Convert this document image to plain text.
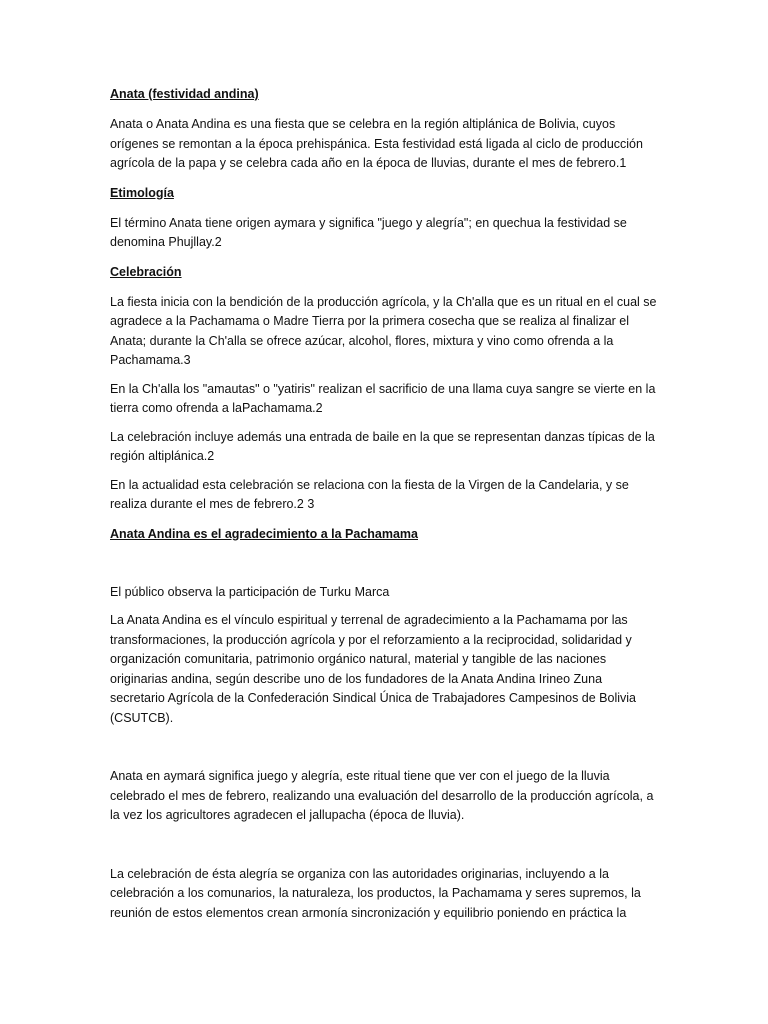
Anata (festividad andina)

Anata o Anata Andina es una fiesta que se celebra en la región altiplánica de Bolivia, cuyos orígenes se remontan a la época prehispánica. Esta festividad está ligada al ciclo de producción agrícola de la papa y se celebra cada año en la época de lluvias, durante el mes de febrero.1

Etimología

El término Anata tiene origen aymara y significa "juego y alegría"; en quechua la festividad se denomina Phujllay.2

Celebración

La fiesta inicia con la bendición de la producción agrícola, y la Ch'alla que es un ritual en el cual se agradece a la Pachamama o Madre Tierra por la primera cosecha que se realiza al finalizar el Anata; durante la Ch'alla se ofrece azúcar, alcohol, flores, mixtura y vino como ofrenda a la Pachamama.3

En la Ch'alla los "amautas" o "yatiris" realizan el sacrificio de una llama cuya sangre se vierte en la tierra como ofrenda a laPachamama.2

La celebración incluye además una entrada de baile en la que se representan danzas típicas de la región altiplánica.2

En la actualidad esta celebración se relaciona con la fiesta de la Virgen de la Candelaria, y se realiza durante el mes de febrero.2 3

Anata Andina es el agradecimiento a la Pachamama

El público observa la participación de Turku Marca

La Anata Andina es el vínculo espiritual y terrenal de agradecimiento a la Pachamama por las transformaciones, la producción agrícola y por el reforzamiento a la reciprocidad, solidaridad y organización comunitaria, patrimonio orgánico natural, material y tangible de las naciones originarias andina, según describe uno de los fundadores de la Anata Andina Irineo Zuna secretario Agrícola de la Confederación Sindical Única de Trabajadores Campesinos de Bolivia (CSUTCB).

Anata en aymará significa juego y alegría, este ritual tiene que ver con el juego de la lluvia celebrado el mes de febrero, realizando una evaluación del desarrollo de la producción agrícola, a la vez los agricultores agradecen el jallupacha (época de lluvia).

La celebración de ésta alegría se organiza con las autoridades originarias, incluyendo a la celebración a los comunarios, la naturaleza, los productos, la Pachamama y seres supremos, la reunión de estos elementos crean armonía sincronización y equilibrio poniendo en práctica la
